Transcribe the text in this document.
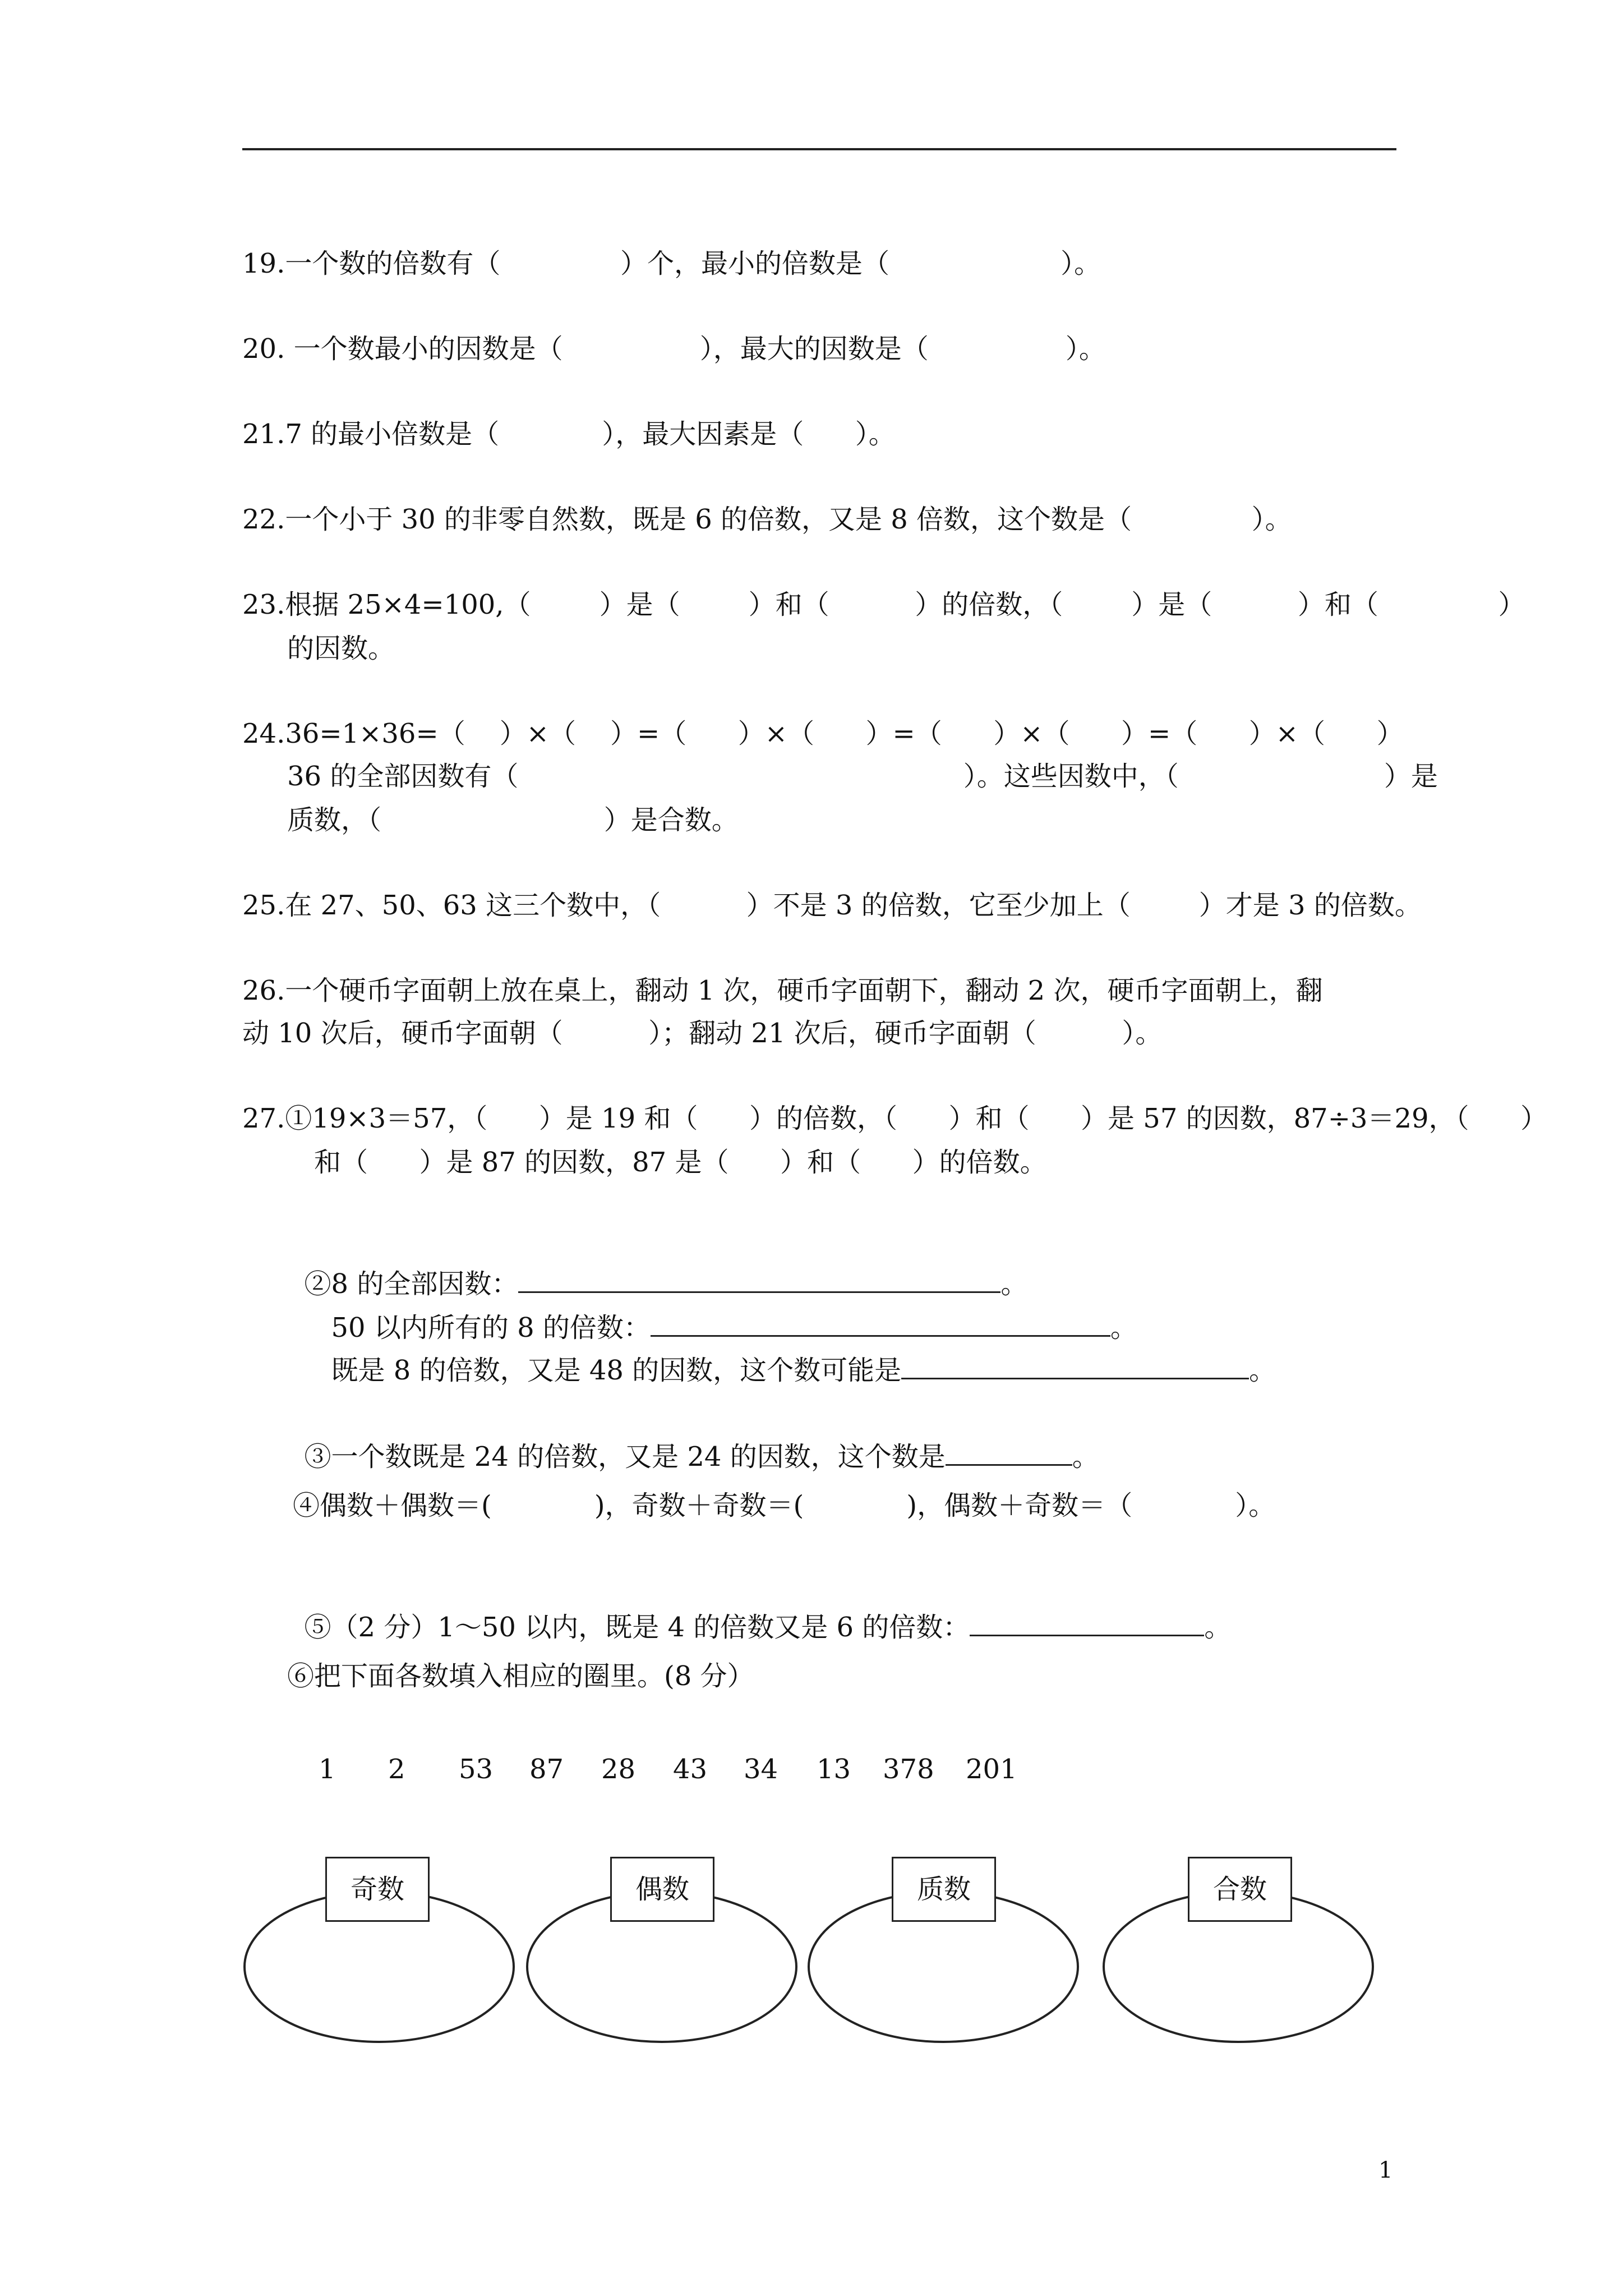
19.一个数的倍数有（              ）个，最小的倍数是（                    ）。
20. 一个数最小的因数是（                ），最大的因数是（                ）。
21.7 的最小倍数是（            ），最大因素是（      ）。
22.一个小于 30 的非零自然数，既是 6 的倍数，又是 8 倍数，这个数是（              ）。
23.根据 25×4=100,（        ）是（        ）和（          ）的倍数，（        ）是（          ）和（              ）
的因数。
24.36=1×36=（    ）×（    ）=（      ）×（      ）=（      ）×（      ）=（      ）×（      ）
36 的全部因数有（                                                    ）。这些因数中，（                        ）是
质数，（                          ）是合数。
25.在 27、50、63 这三个数中，（          ）不是 3 的倍数，它至少加上（        ）才是 3 的倍数。
26.一个硬币字面朝上放在桌上，翻动 1 次，硬币字面朝下，翻动 2 次，硬币字面朝上，翻
动 10 次后，硬币字面朝（          ）；翻动 21 次后，硬币字面朝（          ）。
27.①19×3＝57，（      ）是 19 和（      ）的倍数，（      ）和（      ）是 57 的因数，87÷3＝29，（      ）
和（      ）是 87 的因数，87 是（      ）和（      ）的倍数。

②8 的全部因数：	。

50 以内所有的 8 的倍数：	。

既是 8 的倍数，又是 48 的因数，这个数可能是	。

③一个数既是 24 的倍数，又是 24 的因数，这个数是	。

④偶数＋偶数＝(            )，奇数＋奇数＝(            )，偶数＋奇数＝（            ）。

⑤（2 分）1～50 以内，既是 4 的倍数又是 6 的倍数：	。

⑥把下面各数填入相应的圈里。(8 分）
1 2 53 87 28 43 34 13 378 201
奇数	偶数	质数	合数
1
